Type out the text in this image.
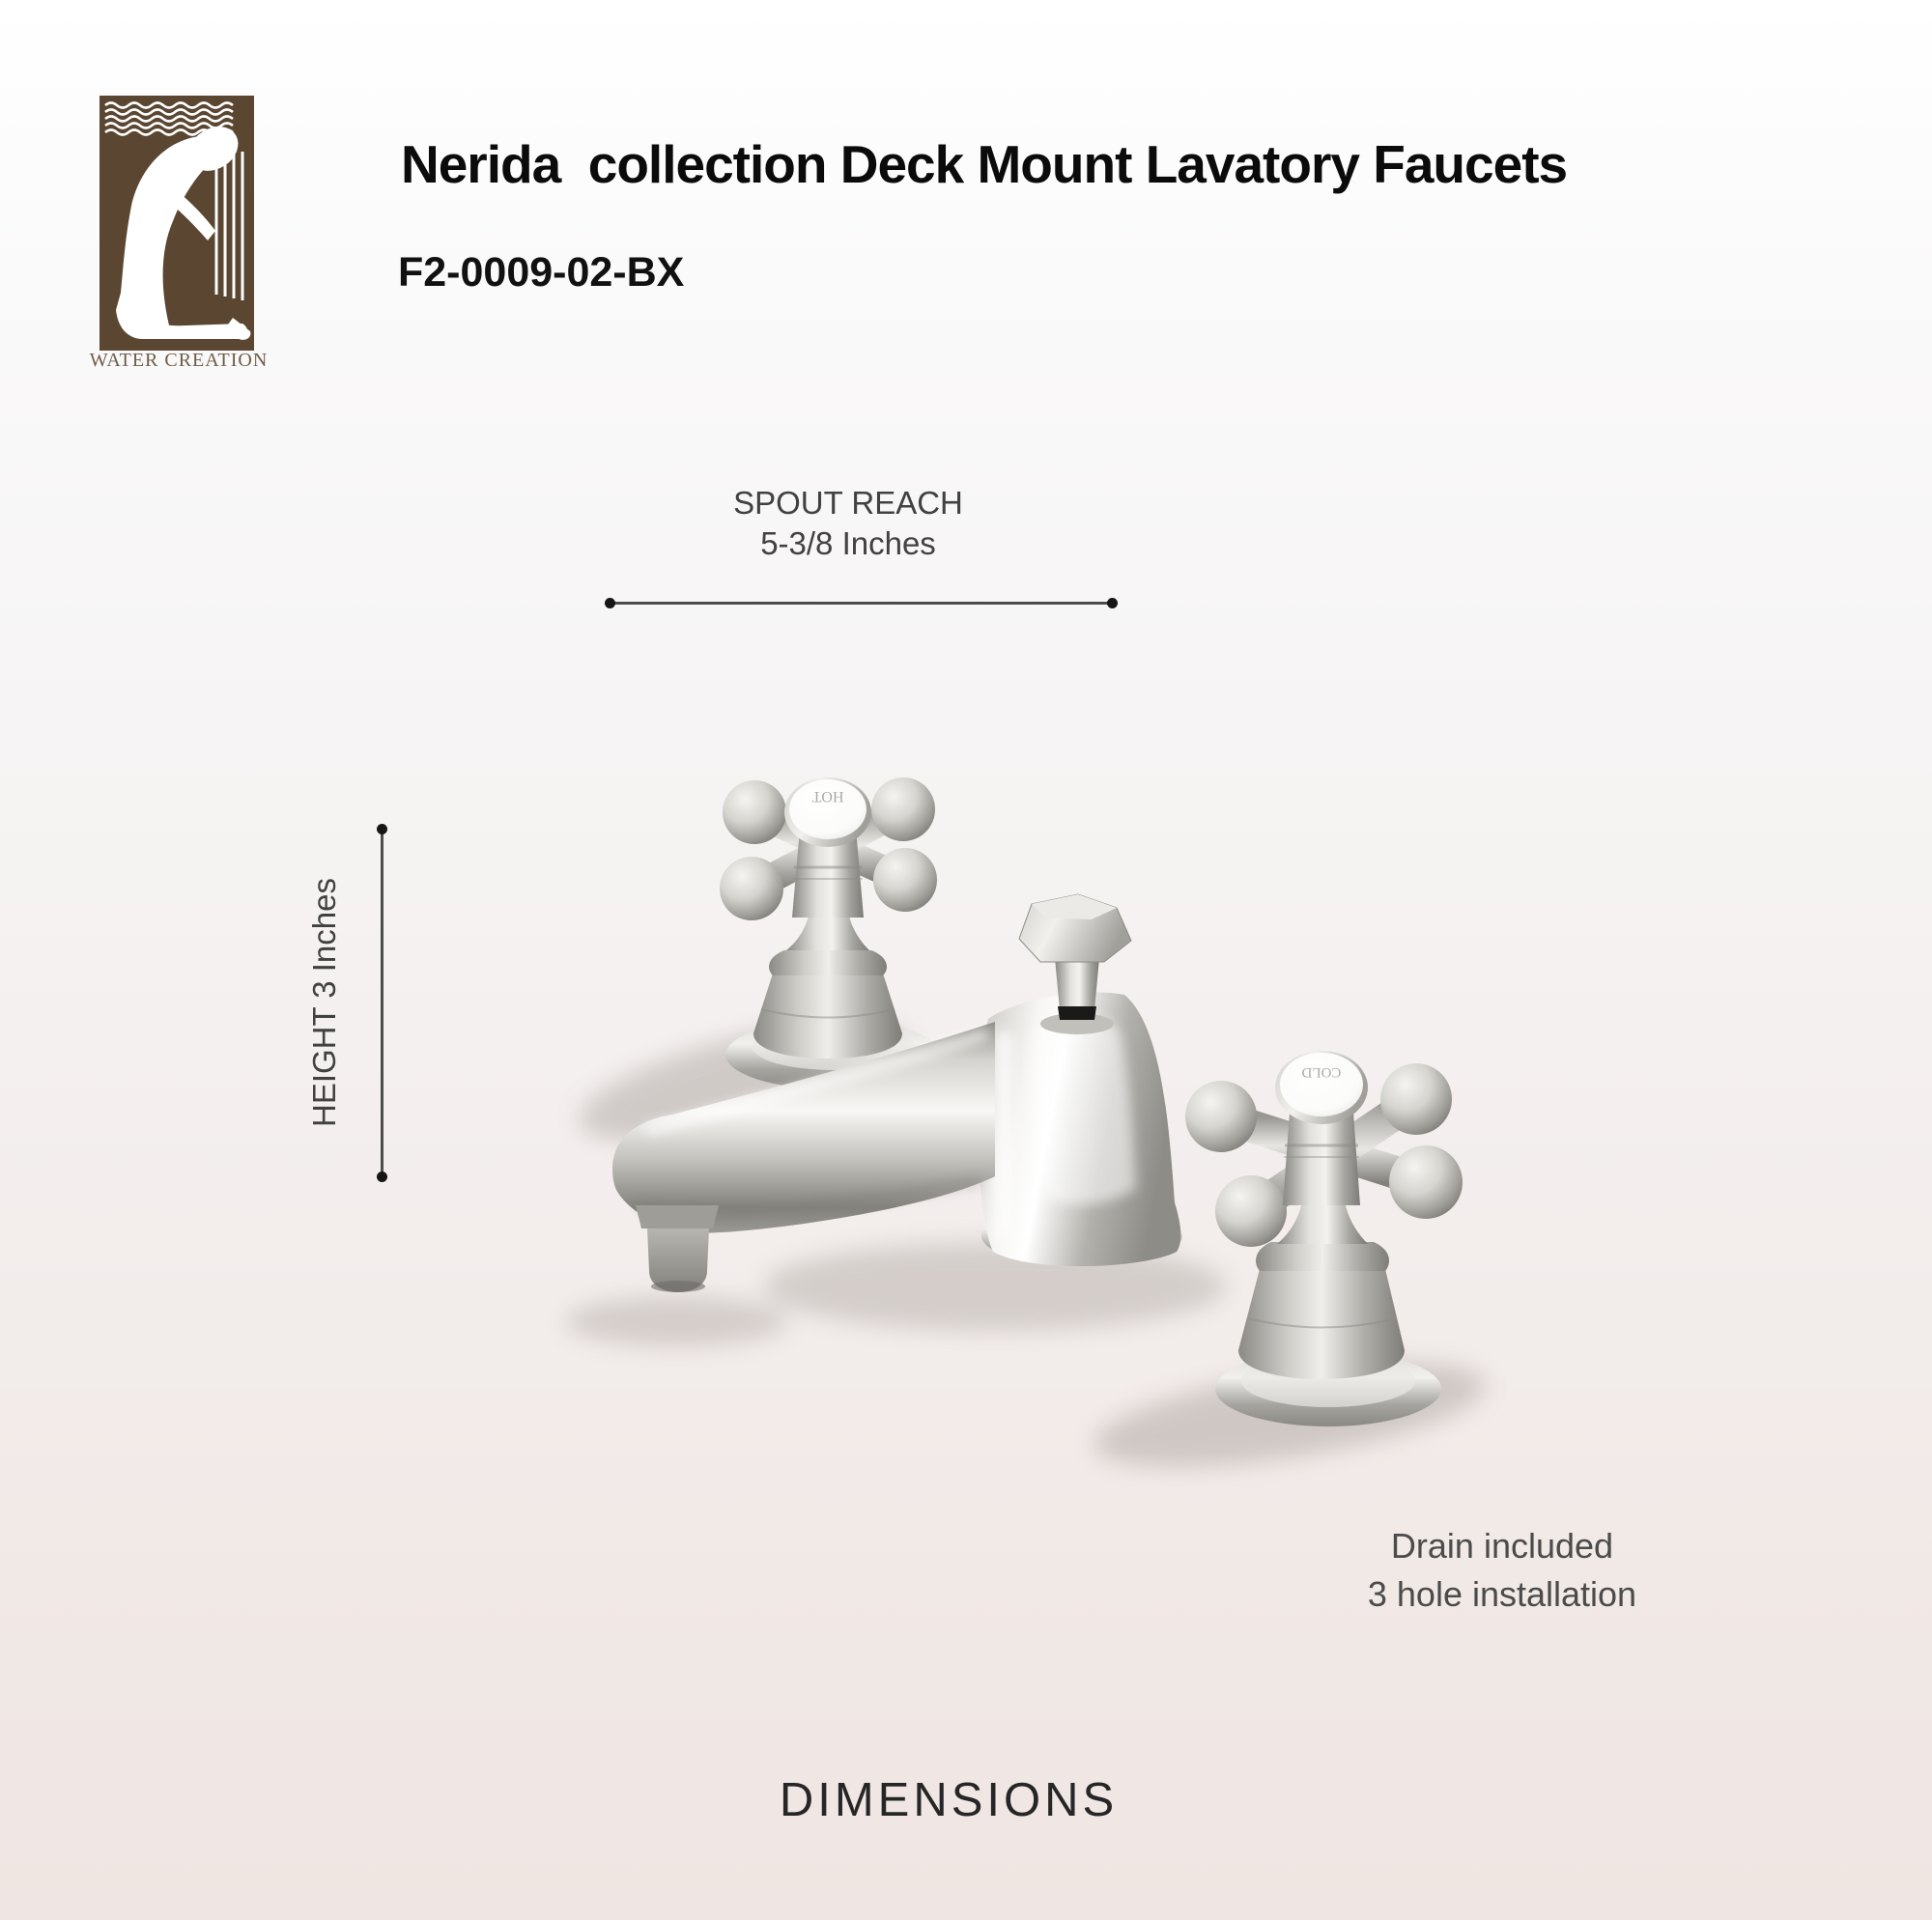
WATER CREATION
Nerida  collection Deck Mount Lavatory Faucets
F2-0009-02-BX
SPOUT REACH
5-3/8 Inches
HEIGHT 3 Inches
HOT
COLD
Drain included
3 hole installation
DIMENSIONS
